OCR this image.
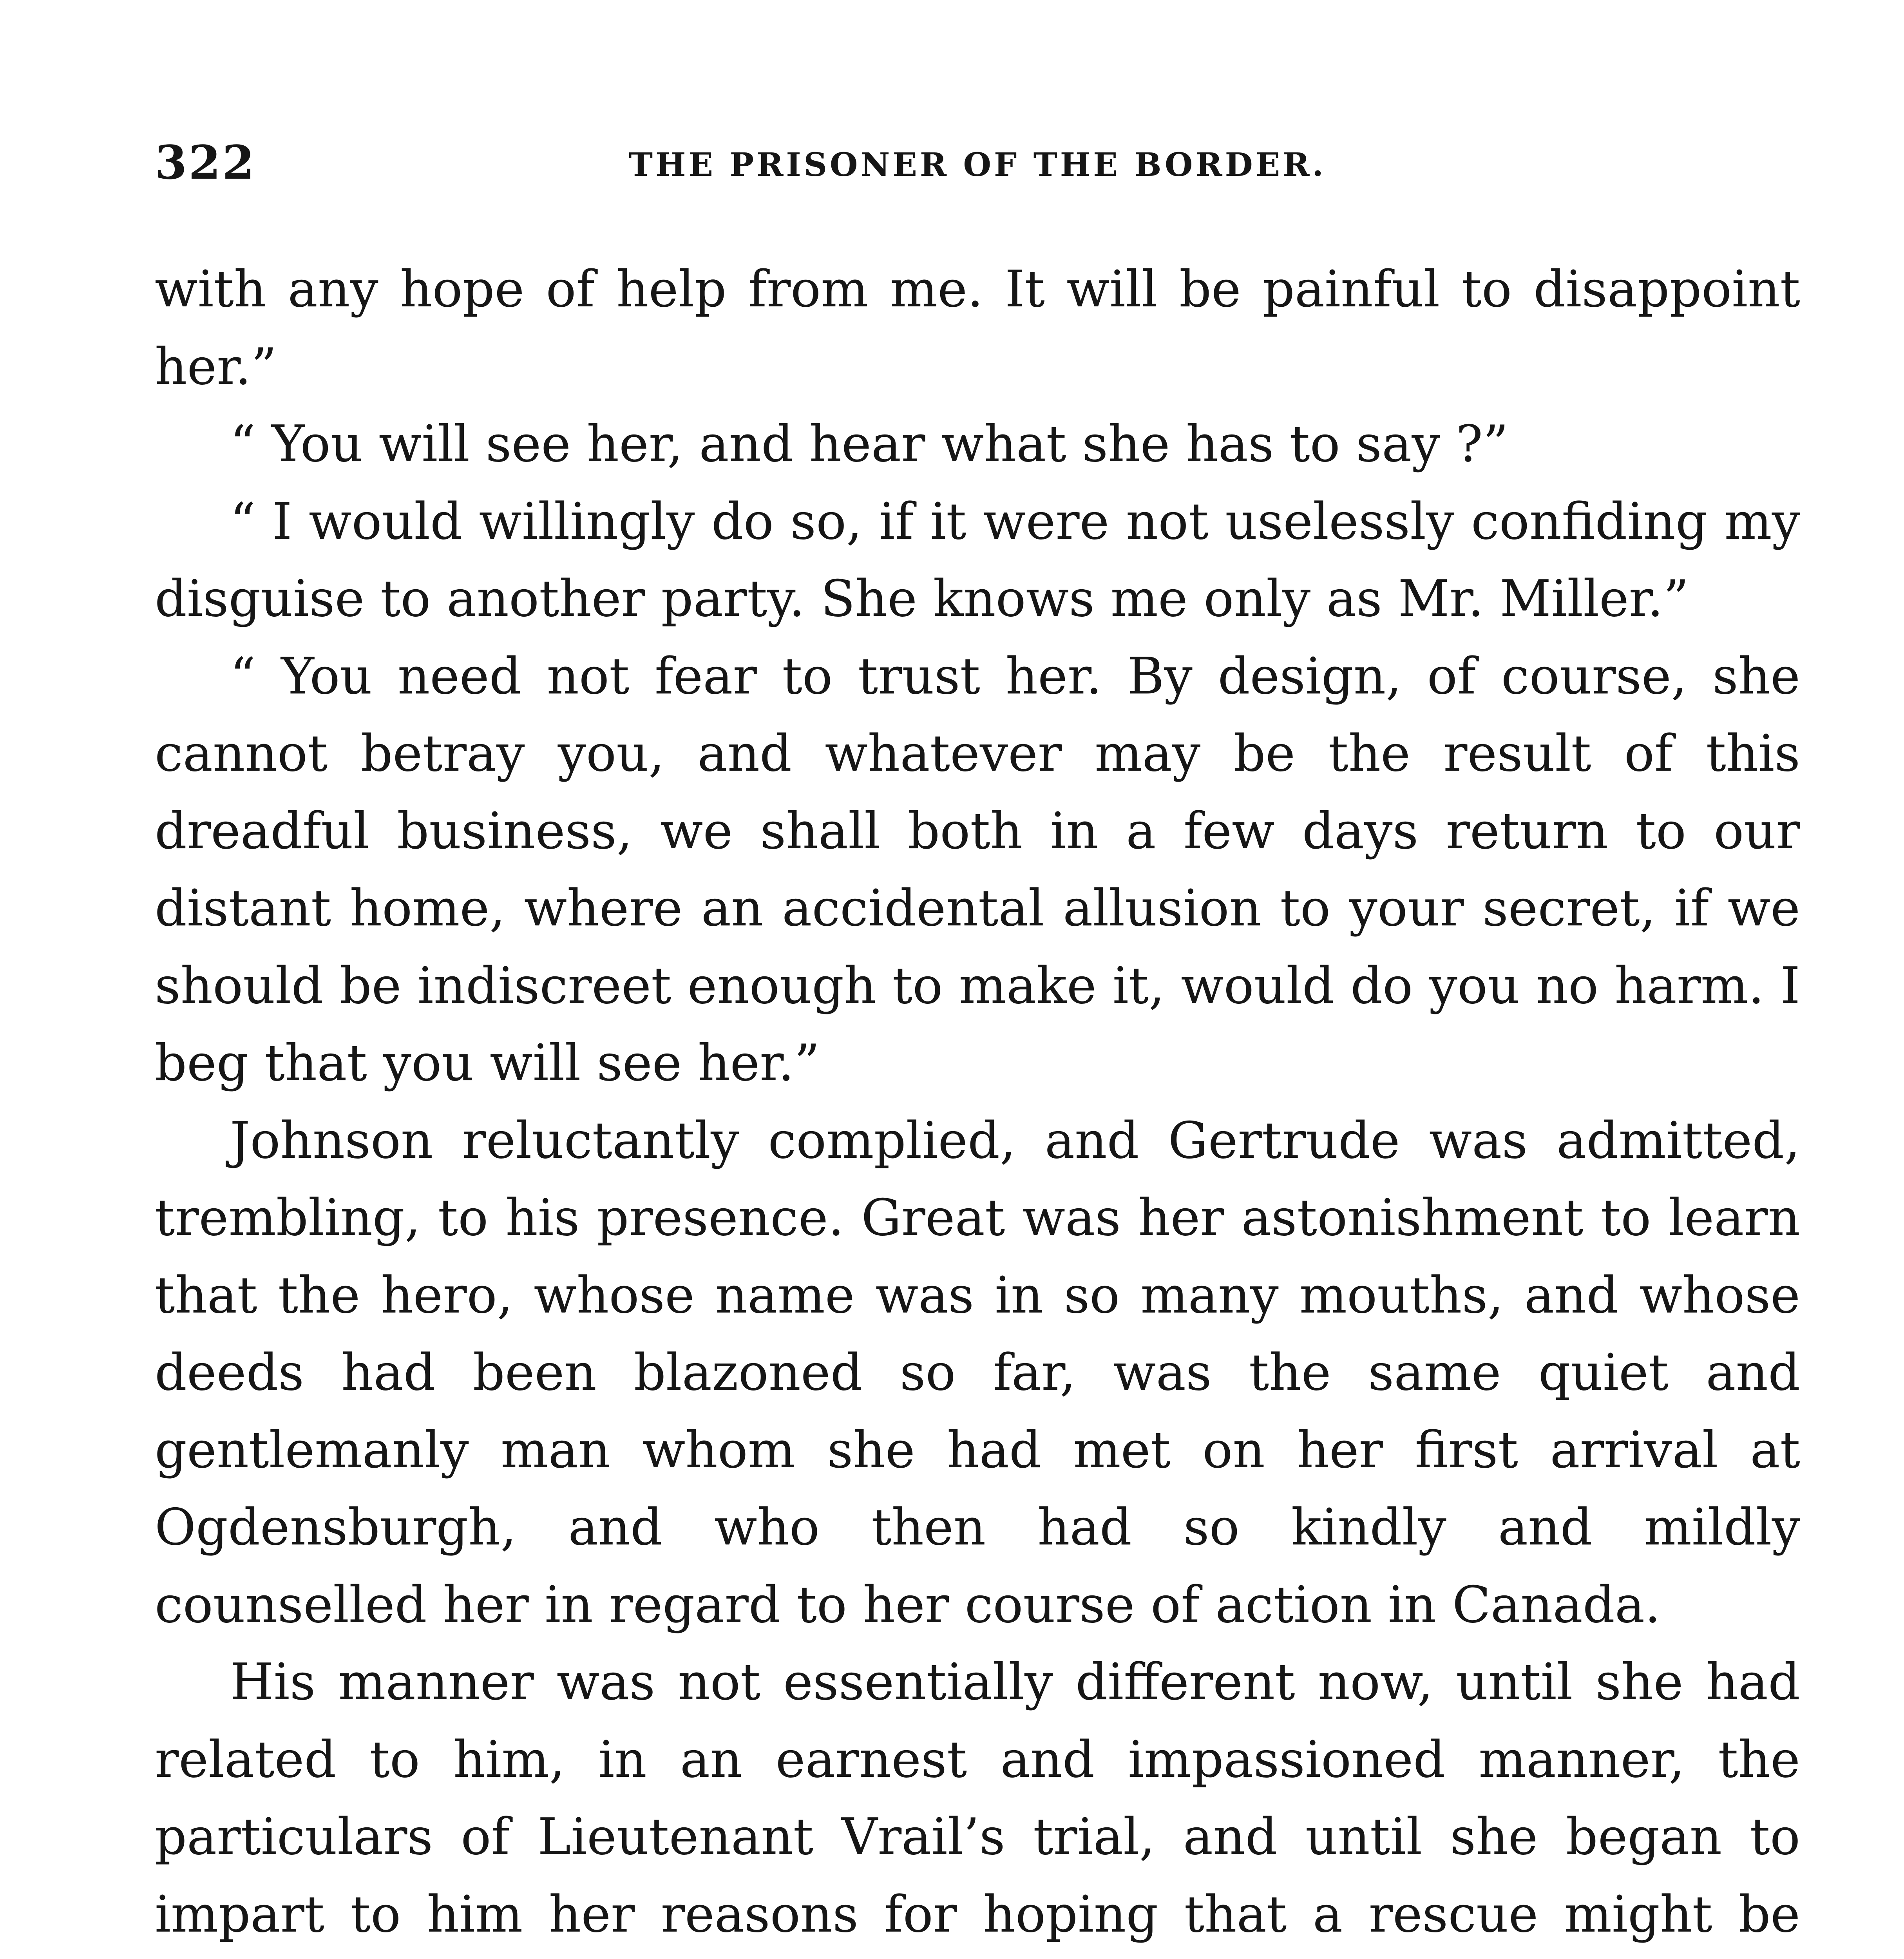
322	THE PRISONER OF THE BORDER.

with any hope of help from me. It will be painful to disappoint her.”

“ You will see her, and hear what she has to say ?”

“ I would willingly do so, if it were not uselessly confiding my disguise to another party. She knows me only as Mr. Miller.”

“ You need not fear to trust her. By design, of course, she cannot betray you, and whatever may be the result of this dreadful business, we shall both in a few days return to our distant home, where an accidental allusion to your secret, if we should be indiscreet enough to make it, would do you no harm. I beg that you will see her.”

Johnson reluctantly complied, and Gertrude was admitted, trembling, to his presence. Great was her astonishment to learn that the hero, whose name was in so many mouths, and whose deeds had been blazoned so far, was the same quiet and gentlemanly man whom she had met on her first arrival at Ogdensburgh, and who then had so kindly and mildly counselled her in regard to her course of action in Canada.

His manner was not essentially different now, until she had related to him, in an earnest and impassioned manner, the particulars of Lieutenant Vrail’s trial, and until she began to impart to him her reasons for hoping that a rescue might be
